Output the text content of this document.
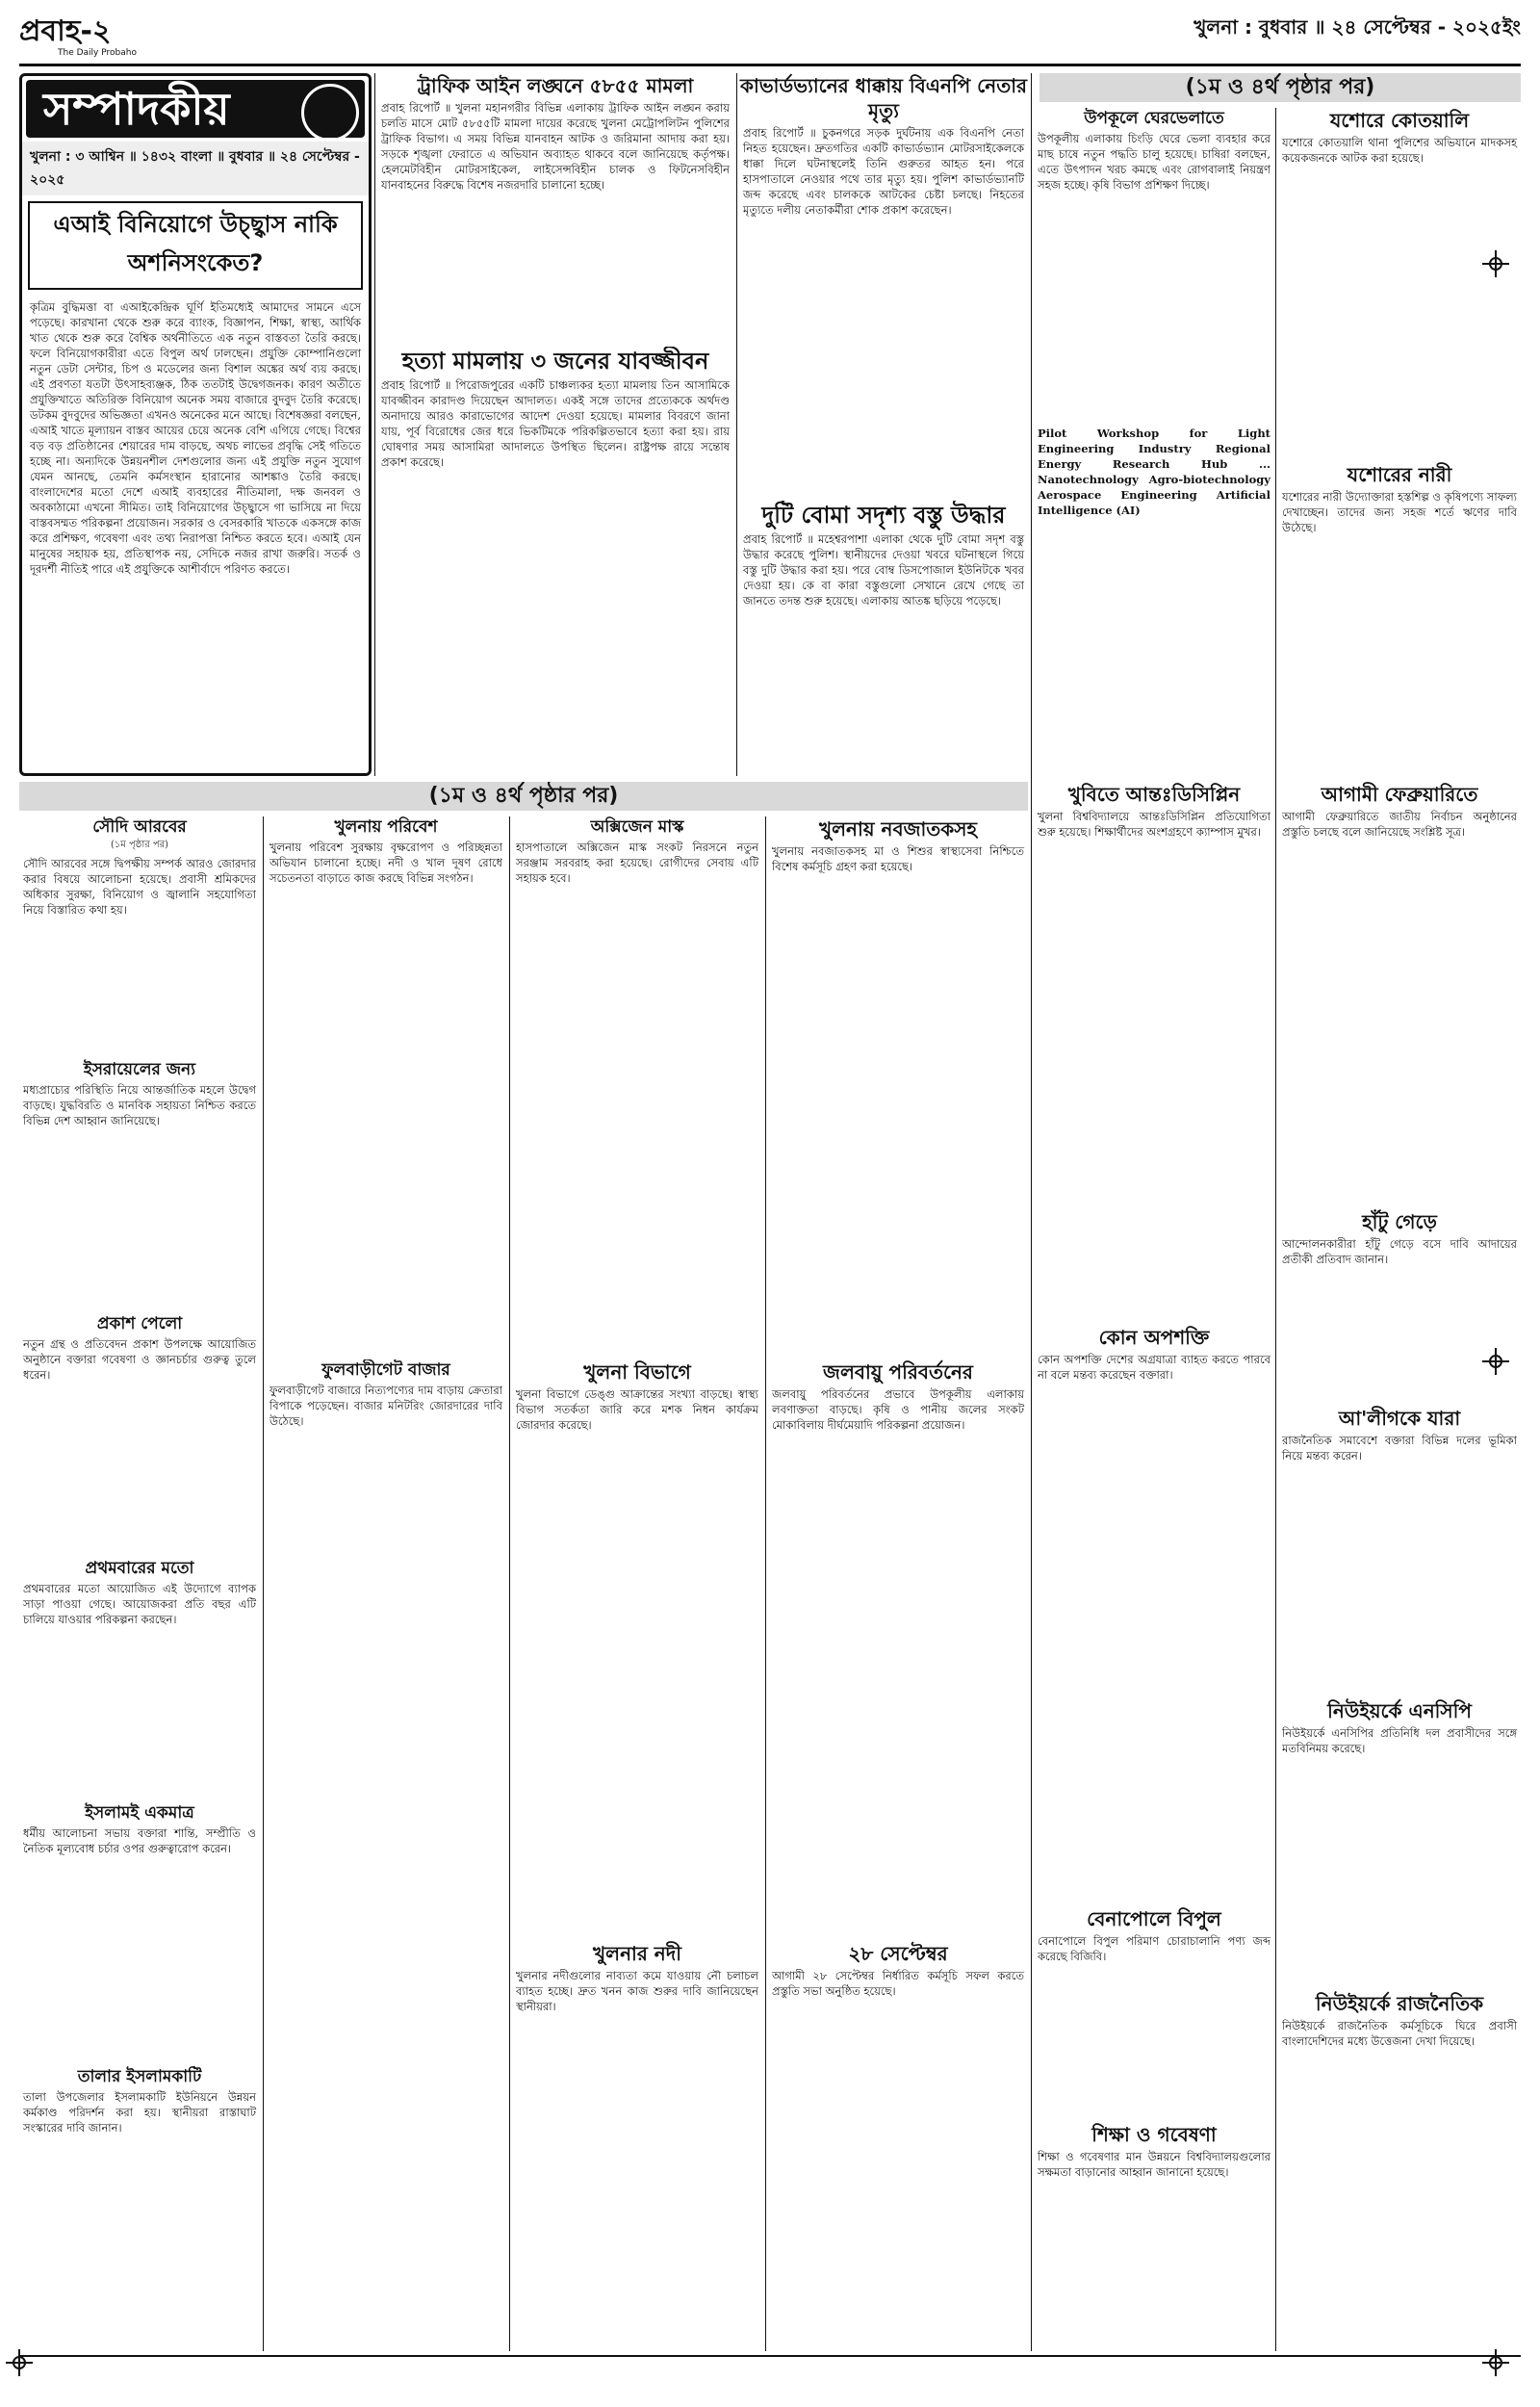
প্রবাহ-২
The Daily Probaho
খুলনা : বুধবার ॥ ২৪ সেপ্টেম্বর - ২০২৫ইং
সম্পাদকীয়
খুলনা : ৩ আশ্বিন ॥ ১৪৩২ বাংলা ॥ বুধবার ॥ ২৪ সেপ্টেম্বর - ২০২৫
এআই বিনিয়োগে উচ্ছ্বাস নাকি অশনিসংকেত?
কৃত্রিম বুদ্ধিমত্তা বা এআইকেন্দ্রিক ঘূর্ণি ইতিমধ্যেই আমাদের সামনে এসে পড়েছে। কারখানা থেকে শুরু করে ব্যাংক, বিজ্ঞাপন, শিক্ষা, স্বাস্থ্য, আর্থিক খাত থেকে শুরু করে বৈশ্বিক অর্থনীতিতে এক নতুন বাস্তবতা তৈরি করছে। ফলে বিনিয়োগকারীরা এতে বিপুল অর্থ ঢালছেন। প্রযুক্তি কোম্পানিগুলো নতুন ডেটা সেন্টার, চিপ ও মডেলের জন্য বিশাল অঙ্কের অর্থ ব্যয় করছে। এই প্রবণতা যতটা উৎসাহব্যঞ্জক, ঠিক ততটাই উদ্বেগজনক। কারণ অতীতে প্রযুক্তিখাতে অতিরিক্ত বিনিয়োগ অনেক সময় বাজারে বুদবুদ তৈরি করেছে। ডটকম বুদবুদের অভিজ্ঞতা এখনও অনেকের মনে আছে। বিশেষজ্ঞরা বলছেন, এআই খাতে মূল্যায়ন বাস্তব আয়ের চেয়ে অনেক বেশি এগিয়ে গেছে। বিশ্বের বড় বড় প্রতিষ্ঠানের শেয়ারের দাম বাড়ছে, অথচ লাভের প্রবৃদ্ধি সেই গতিতে হচ্ছে না। অন্যদিকে উন্নয়নশীল দেশগুলোর জন্য এই প্রযুক্তি নতুন সুযোগ যেমন আনছে, তেমনি কর্মসংস্থান হারানোর আশঙ্কাও তৈরি করছে। বাংলাদেশের মতো দেশে এআই ব্যবহারের নীতিমালা, দক্ষ জনবল ও অবকাঠামো এখনো সীমিত। তাই বিনিয়োগের উচ্ছ্বাসে গা ভাসিয়ে না দিয়ে বাস্তবসম্মত পরিকল্পনা প্রয়োজন। সরকার ও বেসরকারি খাতকে একসঙ্গে কাজ করে প্রশিক্ষণ, গবেষণা এবং তথ্য নিরাপত্তা নিশ্চিত করতে হবে। এআই যেন মানুষের সহায়ক হয়, প্রতিস্থাপক নয়, সেদিকে নজর রাখা জরুরি। সতর্ক ও দূরদর্শী নীতিই পারে এই প্রযুক্তিকে আশীর্বাদে পরিণত করতে।
ট্রাফিক আইন লঙ্ঘনে ৫৮৫৫ মামলা
প্রবাহ রিপোর্ট ॥ খুলনা মহানগরীর বিভিন্ন এলাকায় ট্রাফিক আইন লঙ্ঘন করায় চলতি মাসে মোট ৫৮৫৫টি মামলা দায়ের করেছে খুলনা মেট্রোপলিটন পুলিশের ট্রাফিক বিভাগ। এ সময় বিভিন্ন যানবাহন আটক ও জরিমানা আদায় করা হয়। সড়কে শৃঙ্খলা ফেরাতে এ অভিযান অব্যাহত থাকবে বলে জানিয়েছে কর্তৃপক্ষ। হেলমেটবিহীন মোটরসাইকেল, লাইসেন্সবিহীন চালক ও ফিটনেসবিহীন যানবাহনের বিরুদ্ধে বিশেষ নজরদারি চালানো হচ্ছে।
হত্যা মামলায় ৩ জনের যাবজ্জীবন
প্রবাহ রিপোর্ট ॥ পিরোজপুরের একটি চাঞ্চল্যকর হত্যা মামলায় তিন আসামিকে যাবজ্জীবন কারাদণ্ড দিয়েছেন আদালত। একই সঙ্গে তাদের প্রত্যেককে অর্থদণ্ড অনাদায়ে আরও কারাভোগের আদেশ দেওয়া হয়েছে। মামলার বিবরণে জানা যায়, পূর্ব বিরোধের জের ধরে ভিকটিমকে পরিকল্পিতভাবে হত্যা করা হয়। রায় ঘোষণার সময় আসামিরা আদালতে উপস্থিত ছিলেন। রাষ্ট্রপক্ষ রায়ে সন্তোষ প্রকাশ করেছে।
কাভার্ডভ্যানের ধাক্কায় বিএনপি নেতার মৃত্যু
প্রবাহ রিপোর্ট ॥ চুকনগরে সড়ক দুর্ঘটনায় এক বিএনপি নেতা নিহত হয়েছেন। দ্রুতগতির একটি কাভার্ডভ্যান মোটরসাইকেলকে ধাক্কা দিলে ঘটনাস্থলেই তিনি গুরুতর আহত হন। পরে হাসপাতালে নেওয়ার পথে তার মৃত্যু হয়। পুলিশ কাভার্ডভ্যানটি জব্দ করেছে এবং চালককে আটকের চেষ্টা চলছে। নিহতের মৃত্যুতে দলীয় নেতাকর্মীরা শোক প্রকাশ করেছেন।
দুটি বোমা সদৃশ্য বস্তু উদ্ধার
প্রবাহ রিপোর্ট ॥ মহেশ্বরপাশা এলাকা থেকে দুটি বোমা সদৃশ বস্তু উদ্ধার করেছে পুলিশ। স্থানীয়দের দেওয়া খবরে ঘটনাস্থলে গিয়ে বস্তু দুটি উদ্ধার করা হয়। পরে বোম্ব ডিসপোজাল ইউনিটকে খবর দেওয়া হয়। কে বা কারা বস্তুগুলো সেখানে রেখে গেছে তা জানতে তদন্ত শুরু হয়েছে। এলাকায় আতঙ্ক ছড়িয়ে পড়েছে।
(১ম ও ৪র্থ পৃষ্ঠার পর)
উপকূলে ঘেরভেলাতে
উপকূলীয় এলাকায় চিংড়ি ঘেরে ভেলা ব্যবহার করে মাছ চাষে নতুন পদ্ধতি চালু হয়েছে। চাষিরা বলছেন, এতে উৎপাদন খরচ কমছে এবং রোগবালাই নিয়ন্ত্রণ সহজ হচ্ছে। কৃষি বিভাগ প্রশিক্ষণ দিচ্ছে।
Pilot Workshop for Light Engineering Industry Regional Energy Research Hub ... Nanotechnology Agro-biotechnology Aerospace Engineering Artificial Intelligence (AI)
যশোরে কোতয়ালি
যশোরে কোতয়ালি থানা পুলিশের অভিযানে মাদকসহ কয়েকজনকে আটক করা হয়েছে।
যশোরের নারী
যশোরের নারী উদ্যোক্তারা হস্তশিল্প ও কৃষিপণ্যে সাফল্য দেখাচ্ছেন। তাদের জন্য সহজ শর্তে ঋণের দাবি উঠেছে।
(১ম ও ৪র্থ পৃষ্ঠার পর)
সৌদি আরবের
(১ম পৃষ্ঠার পর)
সৌদি আরবের সঙ্গে দ্বিপক্ষীয় সম্পর্ক আরও জোরদার করার বিষয়ে আলোচনা হয়েছে। প্রবাসী শ্রমিকদের অধিকার সুরক্ষা, বিনিয়োগ ও জ্বালানি সহযোগিতা নিয়ে বিস্তারিত কথা হয়।
ইসরায়েলের জন্য
মধ্যপ্রাচ্যের পরিস্থিতি নিয়ে আন্তর্জাতিক মহলে উদ্বেগ বাড়ছে। যুদ্ধবিরতি ও মানবিক সহায়তা নিশ্চিত করতে বিভিন্ন দেশ আহ্বান জানিয়েছে।
প্রকাশ পেলো
নতুন গ্রন্থ ও প্রতিবেদন প্রকাশ উপলক্ষে আয়োজিত অনুষ্ঠানে বক্তারা গবেষণা ও জ্ঞানচর্চার গুরুত্ব তুলে ধরেন।
প্রথমবারের মতো
প্রথমবারের মতো আয়োজিত এই উদ্যোগে ব্যাপক সাড়া পাওয়া গেছে। আয়োজকরা প্রতি বছর এটি চালিয়ে যাওয়ার পরিকল্পনা করছেন।
ইসলামই একমাত্র
ধর্মীয় আলোচনা সভায় বক্তারা শান্তি, সম্প্রীতি ও নৈতিক মূল্যবোধ চর্চার ওপর গুরুত্বারোপ করেন।
তালার ইসলামকাটি
তালা উপজেলার ইসলামকাটি ইউনিয়নে উন্নয়ন কর্মকাণ্ড পরিদর্শন করা হয়। স্থানীয়রা রাস্তাঘাট সংস্কারের দাবি জানান।
খুলনায় পরিবেশ
খুলনায় পরিবেশ সুরক্ষায় বৃক্ষরোপণ ও পরিচ্ছন্নতা অভিযান চালানো হচ্ছে। নদী ও খাল দূষণ রোধে সচেতনতা বাড়াতে কাজ করছে বিভিন্ন সংগঠন।
ফুলবাড়ীগেট বাজার
ফুলবাড়ীগেট বাজারে নিত্যপণ্যের দাম বাড়ায় ক্রেতারা বিপাকে পড়েছেন। বাজার মনিটরিং জোরদারের দাবি উঠেছে।
অক্সিজেন মাস্ক
হাসপাতালে অক্সিজেন মাস্ক সংকট নিরসনে নতুন সরঞ্জাম সরবরাহ করা হয়েছে। রোগীদের সেবায় এটি সহায়ক হবে।
খুলনা বিভাগে
খুলনা বিভাগে ডেঙ্গু আক্রান্তের সংখ্যা বাড়ছে। স্বাস্থ্য বিভাগ সতর্কতা জারি করে মশক নিধন কার্যক্রম জোরদার করেছে।
খুলনার নদী
খুলনার নদীগুলোর নাব্যতা কমে যাওয়ায় নৌ চলাচল ব্যাহত হচ্ছে। দ্রুত খনন কাজ শুরুর দাবি জানিয়েছেন স্থানীয়রা।
খুলনায় নবজাতকসহ
খুলনায় নবজাতকসহ মা ও শিশুর স্বাস্থ্যসেবা নিশ্চিতে বিশেষ কর্মসূচি গ্রহণ করা হয়েছে।
জলবায়ু পরিবর্তনের
জলবায়ু পরিবর্তনের প্রভাবে উপকূলীয় এলাকায় লবণাক্ততা বাড়ছে। কৃষি ও পানীয় জলের সংকট মোকাবিলায় দীর্ঘমেয়াদি পরিকল্পনা প্রয়োজন।
২৮ সেপ্টেম্বর
আগামী ২৮ সেপ্টেম্বর নির্ধারিত কর্মসূচি সফল করতে প্রস্তুতি সভা অনুষ্ঠিত হয়েছে।
খুবিতে আন্তঃডিসিপ্লিন
খুলনা বিশ্ববিদ্যালয়ে আন্তঃডিসিপ্লিন প্রতিযোগিতা শুরু হয়েছে। শিক্ষার্থীদের অংশগ্রহণে ক্যাম্পাস মুখর।
কোন অপশক্তি
কোন অপশক্তি দেশের অগ্রযাত্রা ব্যাহত করতে পারবে না বলে মন্তব্য করেছেন বক্তারা।
বেনাপোলে বিপুল
বেনাপোলে বিপুল পরিমাণ চোরাচালানি পণ্য জব্দ করেছে বিজিবি।
শিক্ষা ও গবেষণা
শিক্ষা ও গবেষণার মান উন্নয়নে বিশ্ববিদ্যালয়গুলোর সক্ষমতা বাড়ানোর আহ্বান জানানো হয়েছে।
আগামী ফেব্রুয়ারিতে
আগামী ফেব্রুয়ারিতে জাতীয় নির্বাচন অনুষ্ঠানের প্রস্তুতি চলছে বলে জানিয়েছে সংশ্লিষ্ট সূত্র।
হাঁটু গেড়ে
আন্দোলনকারীরা হাঁটু গেড়ে বসে দাবি আদায়ের প্রতীকী প্রতিবাদ জানান।
আ'লীগকে যারা
রাজনৈতিক সমাবেশে বক্তারা বিভিন্ন দলের ভূমিকা নিয়ে মন্তব্য করেন।
নিউইয়র্কে এনসিপি
নিউইয়র্কে এনসিপির প্রতিনিধি দল প্রবাসীদের সঙ্গে মতবিনিময় করেছে।
নিউইয়র্কে রাজনৈতিক
নিউইয়র্কে রাজনৈতিক কর্মসূচিকে ঘিরে প্রবাসী বাংলাদেশিদের মধ্যে উত্তেজনা দেখা দিয়েছে।
